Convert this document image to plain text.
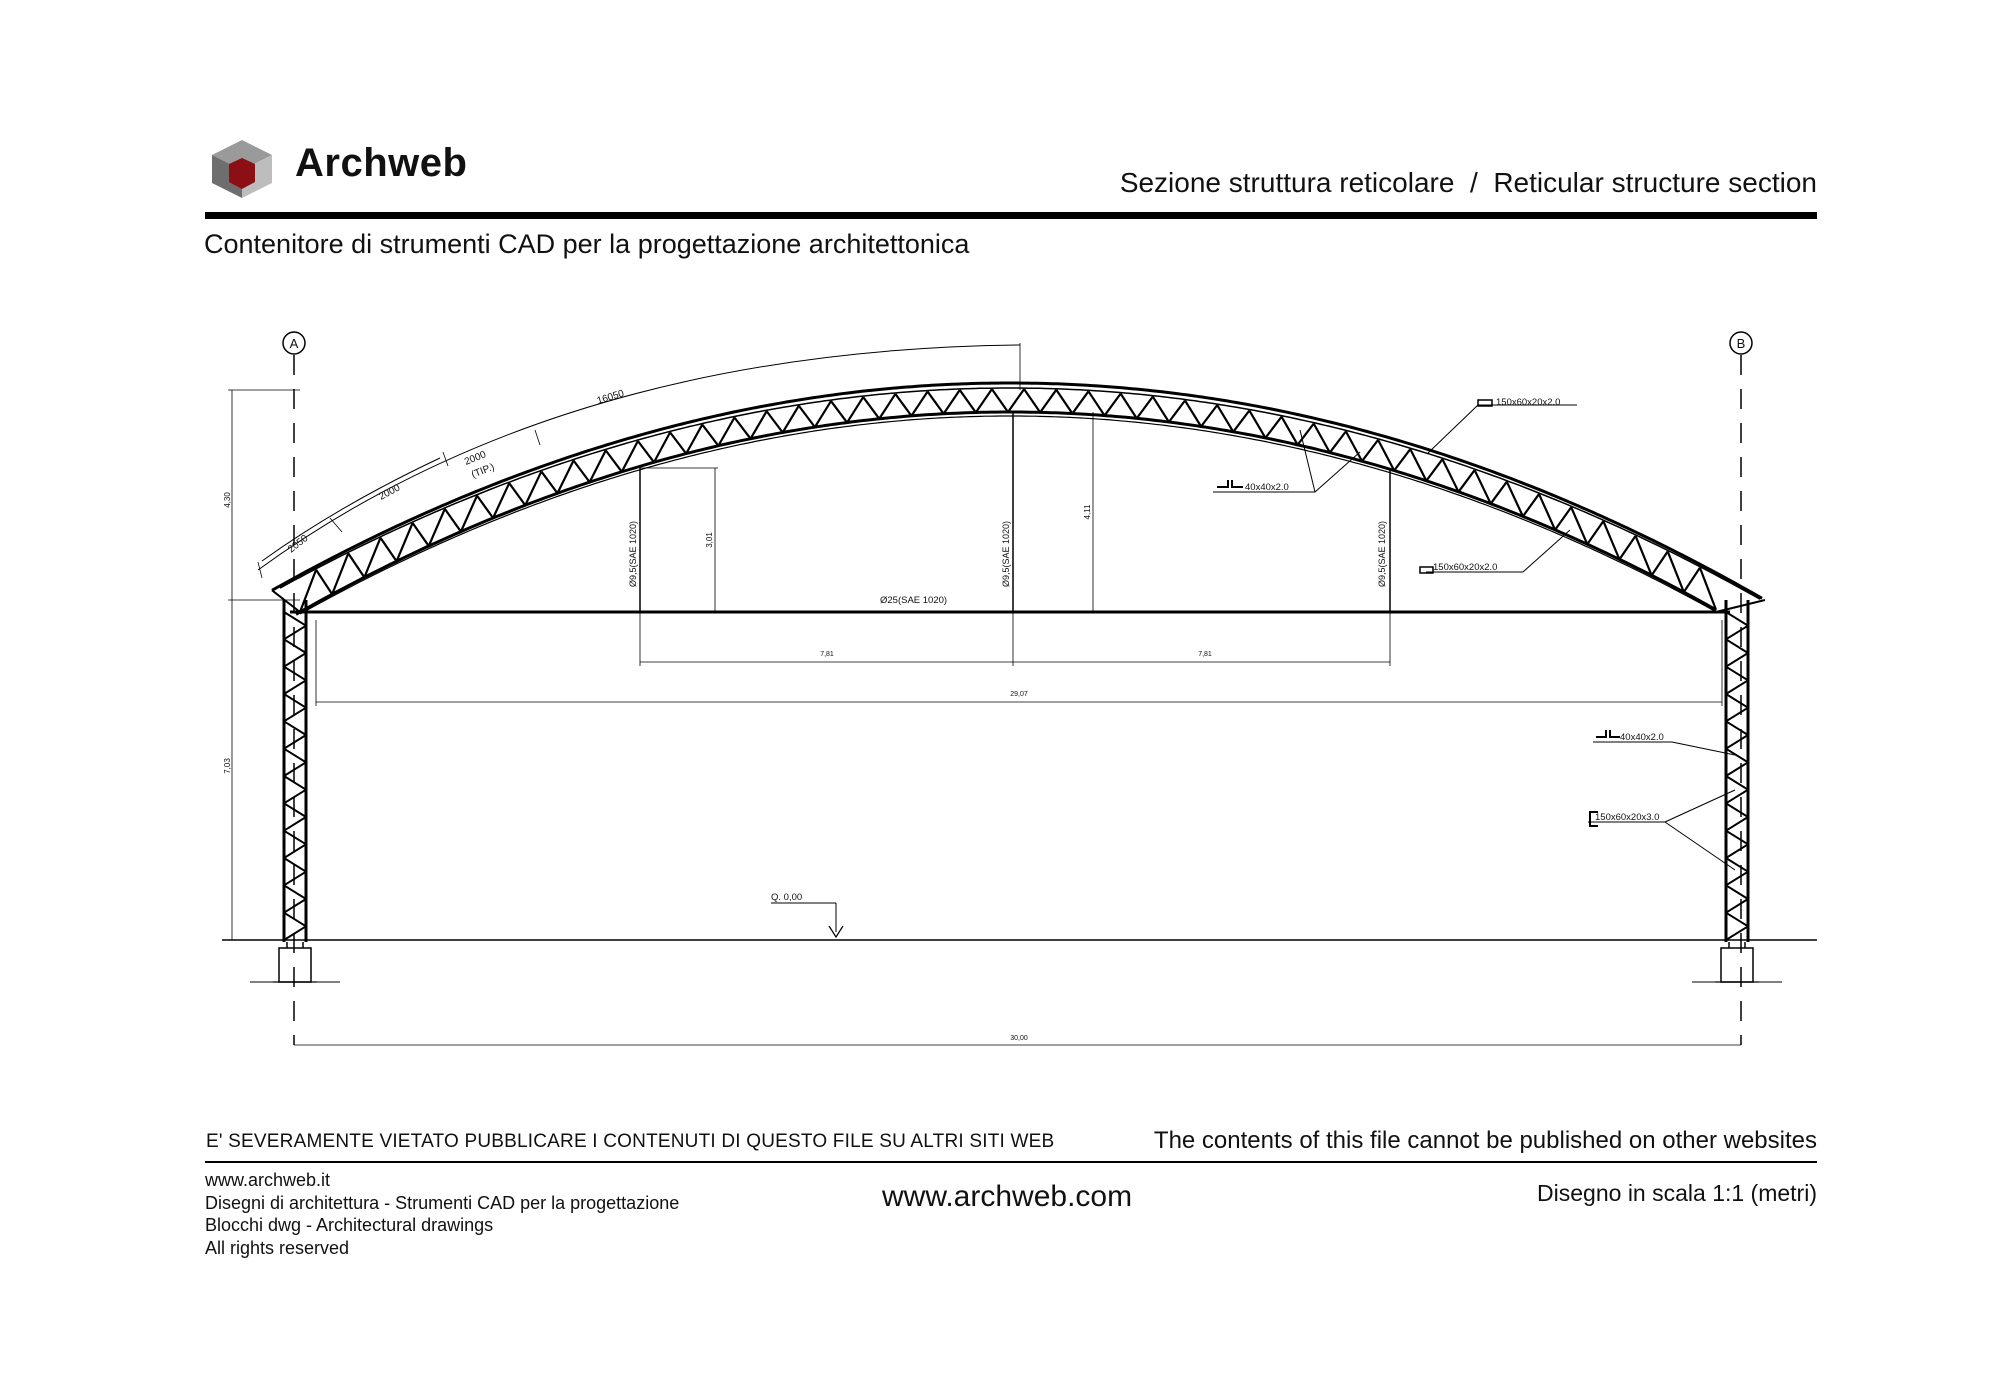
Archweb	Sezione struttura reticolare  /  Reticular structure section
Contenitore di strumenti CAD per la progettazione architettonica
A	B
16050
2050
2000
2000
(TIP.)
4,30
7,03
3,01
4,11
Ø9,5(SAE 1020)	Ø9,5(SAE 1020)	Ø9,5(SAE 1020)
Ø25(SAE 1020)
7,81	7,81
29,07
30,00
Q. 0,00
150x60x20x2.0
40x40x2.0
150x60x20x2.0
40x40x2.0
150x60x20x3.0
E' SEVERAMENTE VIETATO PUBBLICARE I CONTENUTI DI QUESTO FILE SU ALTRI SITI WEB	The contents of this file cannot be published on other websites
www.archweb.it
Disegni di architettura - Strumenti CAD per la progettazione
Blocchi dwg - Architectural drawings
All rights reserved
www.archweb.com	Disegno in scala 1:1 (metri)
